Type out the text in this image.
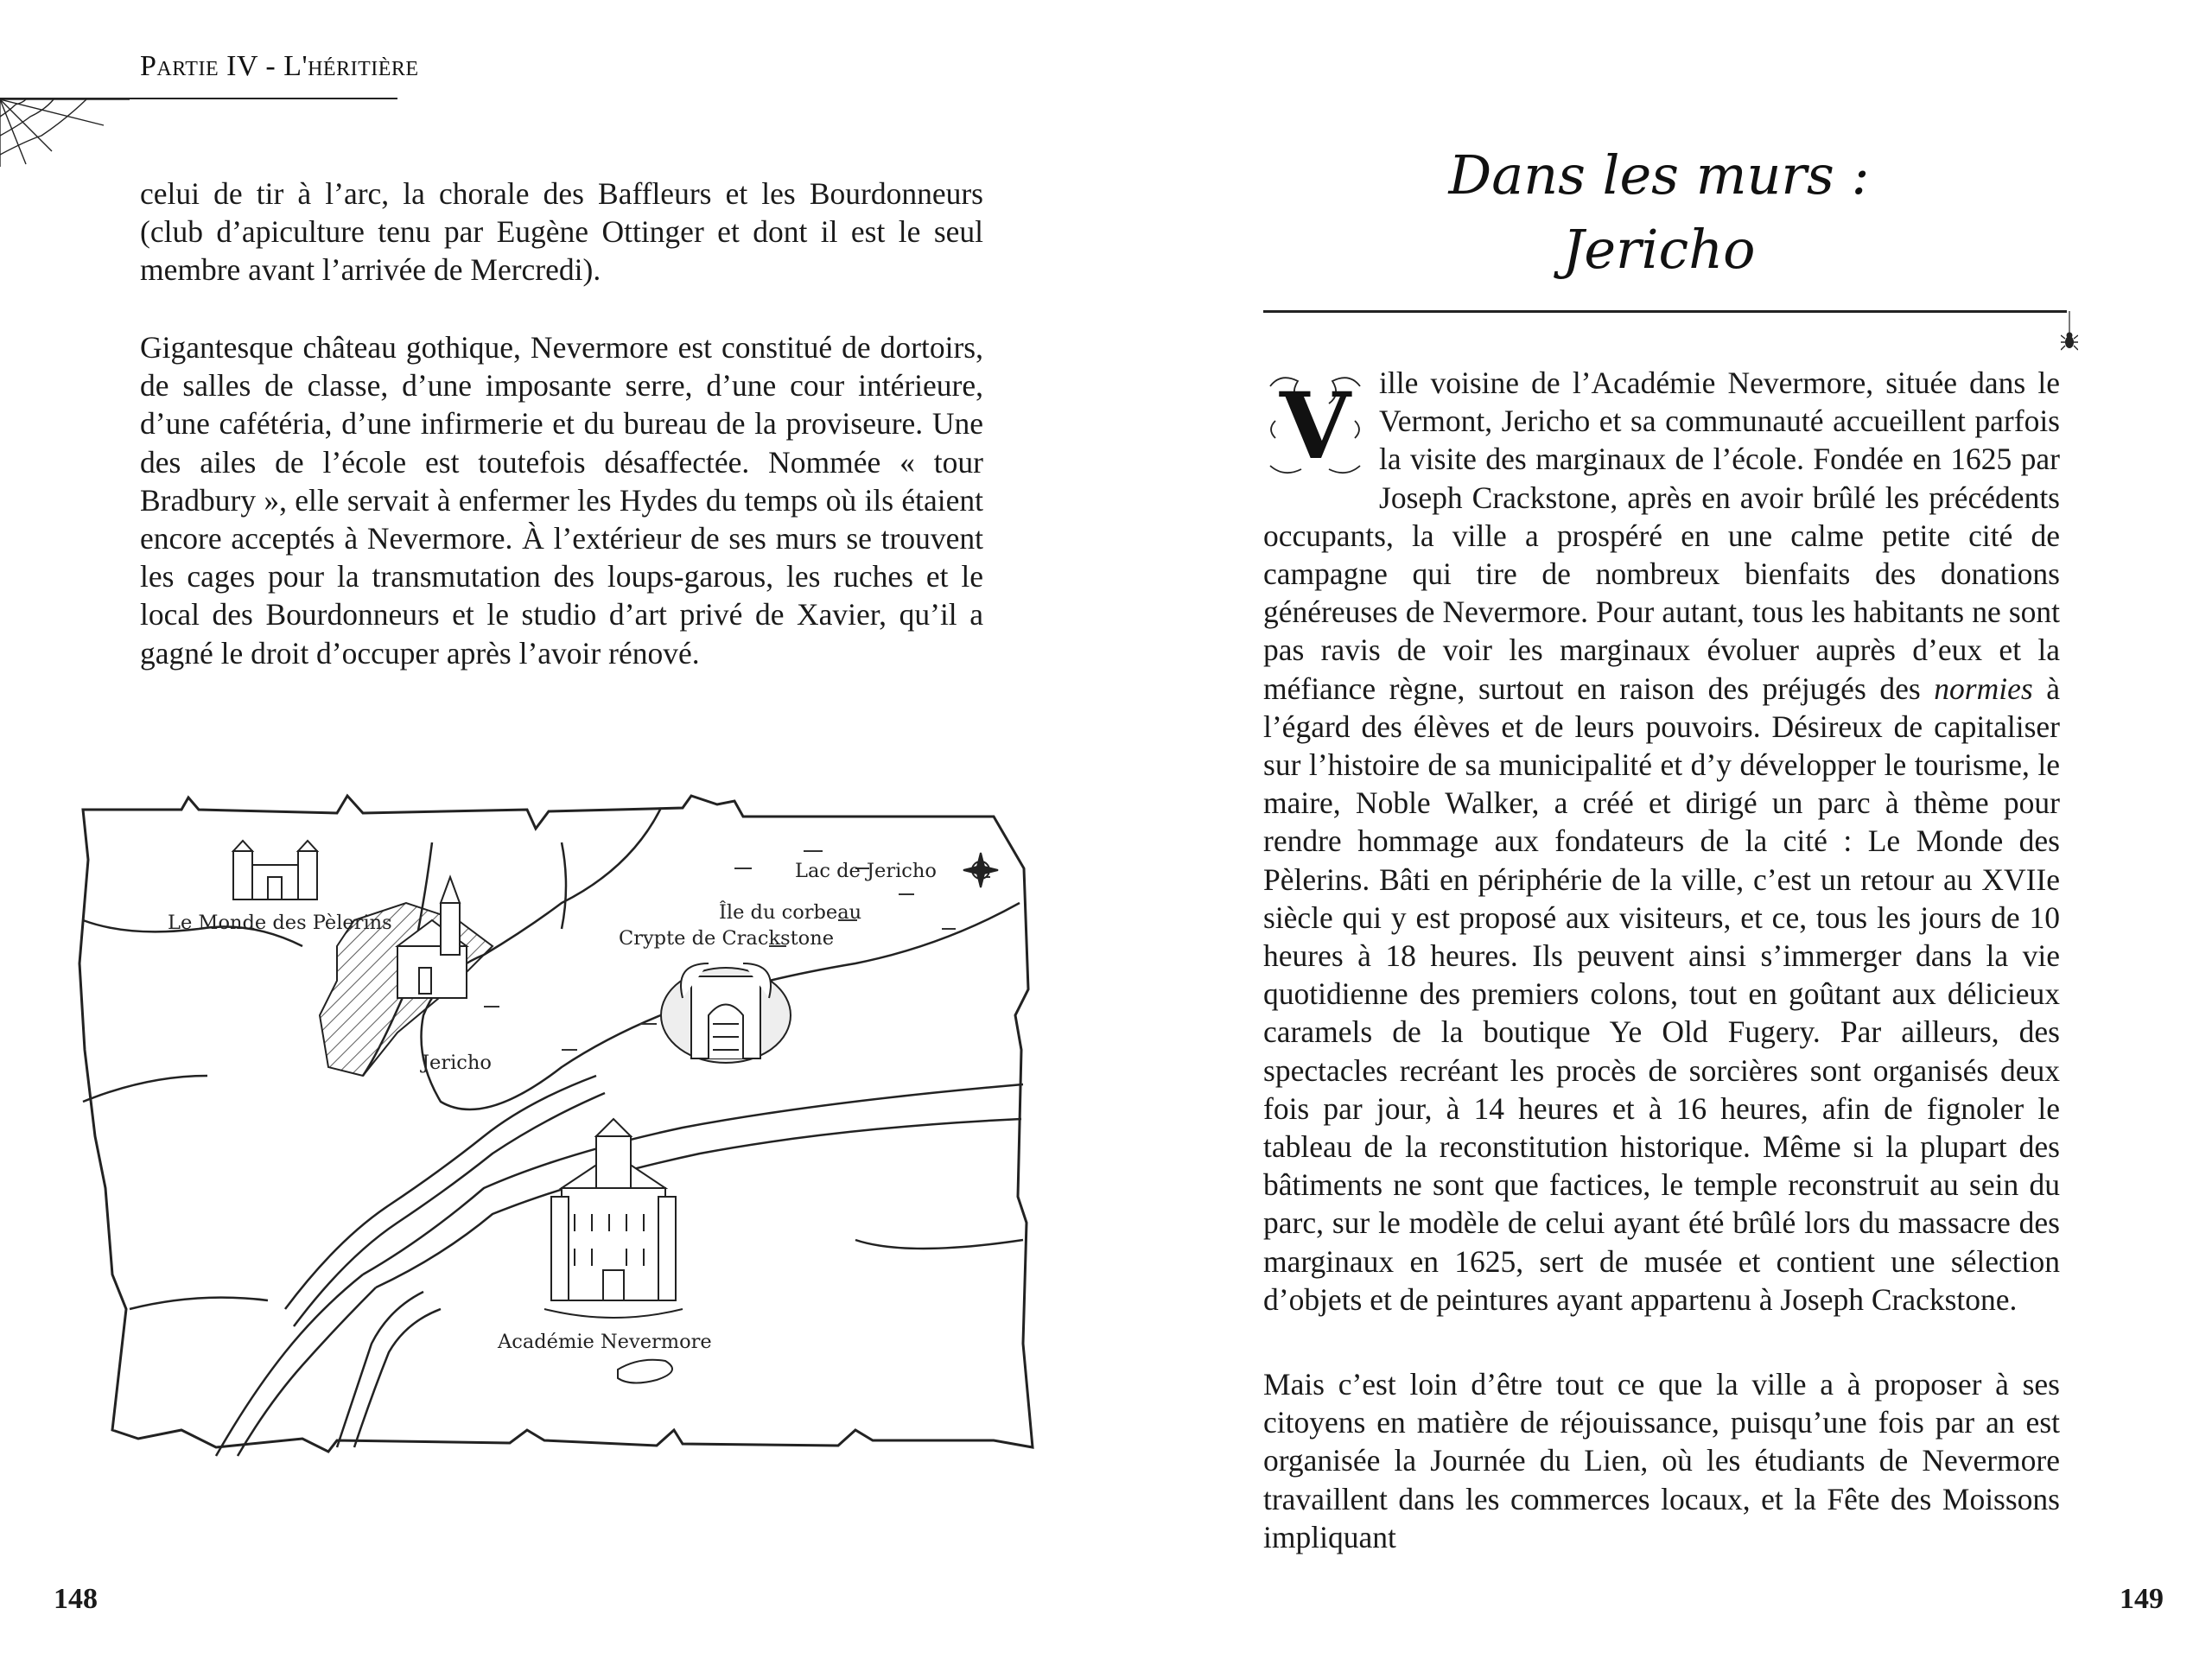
Partie IV - L'héritière

celui de tir à l’arc, la chorale des Baffleurs et les Bourdonneurs (club d’apiculture tenu par Eugène Ottinger et dont il est le seul membre avant l’arrivée de Mercredi).

Gigantesque château gothique, Nevermore est constitué de dortoirs, de salles de classe, d’une imposante serre, d’une cour intérieure, d’une cafétéria, d’une infirmerie et du bureau de la proviseure. Une des ailes de l’école est toutefois désaffectée. Nommée « tour Bradbury », elle servait à enfermer les Hydes du temps où ils étaient encore acceptés à Nevermore. À l’extérieur de ses murs se trouvent les cages pour la transmutation des loups-garous, les ruches et le local des Bourdonneurs et le studio d’art privé de Xavier, qu’il a gagné le droit d’occuper après l’avoir rénové.

Lac de Jericho
Le Monde des Pèlerins	Île du corbeau
Crypte de Crackstone
Jericho
Académie Nevermore
148
Dans les murs :
Jericho

V ille voisine de l’Académie Nevermore, située dans le Vermont, Jericho et sa communauté accueillent parfois la visite des marginaux de l’école. Fondée en 1625 par Joseph Crackstone, après en avoir brûlé les précédents occupants, la ville a prospéré en une calme petite cité de campagne qui tire de nombreux bienfaits des donations généreuses de Nevermore. Pour autant, tous les habitants ne sont pas ravis de voir les marginaux évoluer auprès d’eux et la méfiance règne, surtout en raison des préjugés des normies à l’égard des élèves et de leurs pouvoirs. Désireux de capitaliser sur l’histoire de sa municipalité et d’y développer le tourisme, le maire, Noble Walker, a créé et dirigé un parc à thème pour rendre hommage aux fondateurs de la cité : Le Monde des Pèlerins. Bâti en périphérie de la ville, c’est un retour au XVIIe siècle qui y est proposé aux visiteurs, et ce, tous les jours de 10 heures à 18 heures. Ils peuvent ainsi s’immerger dans la vie quotidienne des premiers colons, tout en goûtant aux délicieux caramels de la boutique Ye Old Fugery. Par ailleurs, des spectacles recréant les procès de sorcières sont organisés deux fois par jour, à 14 heures et à 16 heures, afin de fignoler le tableau de la reconstitution historique. Même si la plupart des bâtiments ne sont que factices, le temple reconstruit au sein du parc, sur le modèle de celui ayant été brûlé lors du massacre des marginaux en 1625, sert de musée et contient une sélection d’objets et de peintures ayant appartenu à Joseph Crackstone.

Mais c’est loin d’être tout ce que la ville a à proposer à ses citoyens en matière de réjouissance, puisqu’une fois par an est organisée la Journée du Lien, où les étudiants de Nevermore travaillent dans les commerces locaux, et la Fête des Moissons impliquant

149
